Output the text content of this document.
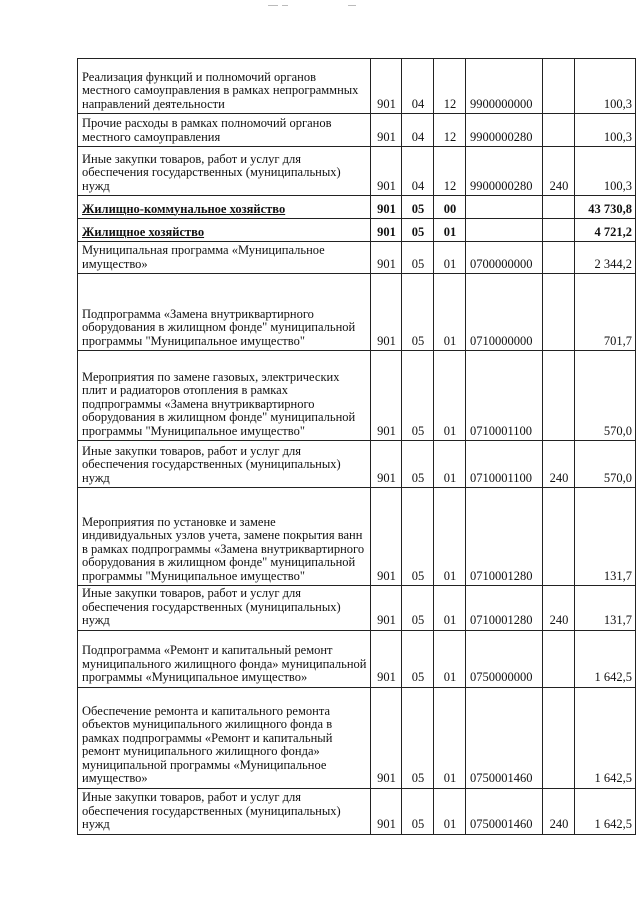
Реализация функций и полномочий органов местного самоуправления в рамках непрограммных направлений деятельности	901	04	12	9900000000		100,3
Прочие расходы в рамках полномочий органов местного самоуправления	901	04	12	9900000280		100,3
Иные закупки товаров, работ и услуг для обеспечения государственных (муниципальных) нужд	901	04	12	9900000280	240	100,3
Жилищно-коммунальное хозяйство	901	05	00			43 730,8
Жилищное хозяйство	901	05	01			4 721,2
Муниципальная программа «Муниципальное имущество»	901	05	01	0700000000		2 344,2
Подпрограмма «Замена внутриквартирного оборудования в жилищном фонде" муниципальной программы "Муниципальное имущество"	901	05	01	0710000000		701,7
Мероприятия по замене газовых, электрических плит и радиаторов отопления в рамках подпрограммы «Замена внутриквартирного оборудования в жилищном фонде" муниципальной программы "Муниципальное имущество"	901	05	01	0710001100		570,0
Иные закупки товаров, работ и услуг для обеспечения государственных (муниципальных) нужд	901	05	01	0710001100	240	570,0
Мероприятия по установке и замене индивидуальных узлов учета, замене покрытия ванн в рамках подпрограммы «Замена внутриквартирного оборудования в жилищном фонде" муниципальной программы "Муниципальное имущество"	901	05	01	0710001280		131,7
Иные закупки товаров, работ и услуг для обеспечения государственных (муниципальных) нужд	901	05	01	0710001280	240	131,7
Подпрограмма «Ремонт и капитальный ремонт муниципального жилищного фонда» муниципальной программы «Муниципальное имущество»	901	05	01	0750000000		1 642,5
Обеспечение ремонта и капитального ремонта объектов муниципального жилищного фонда в рамках подпрограммы «Ремонт и капитальный ремонт муниципального жилищного фонда» муниципальной программы «Муниципальное имущество»	901	05	01	0750001460		1 642,5
Иные закупки товаров, работ и услуг для обеспечения государственных (муниципальных) нужд	901	05	01	0750001460	240	1 642,5
